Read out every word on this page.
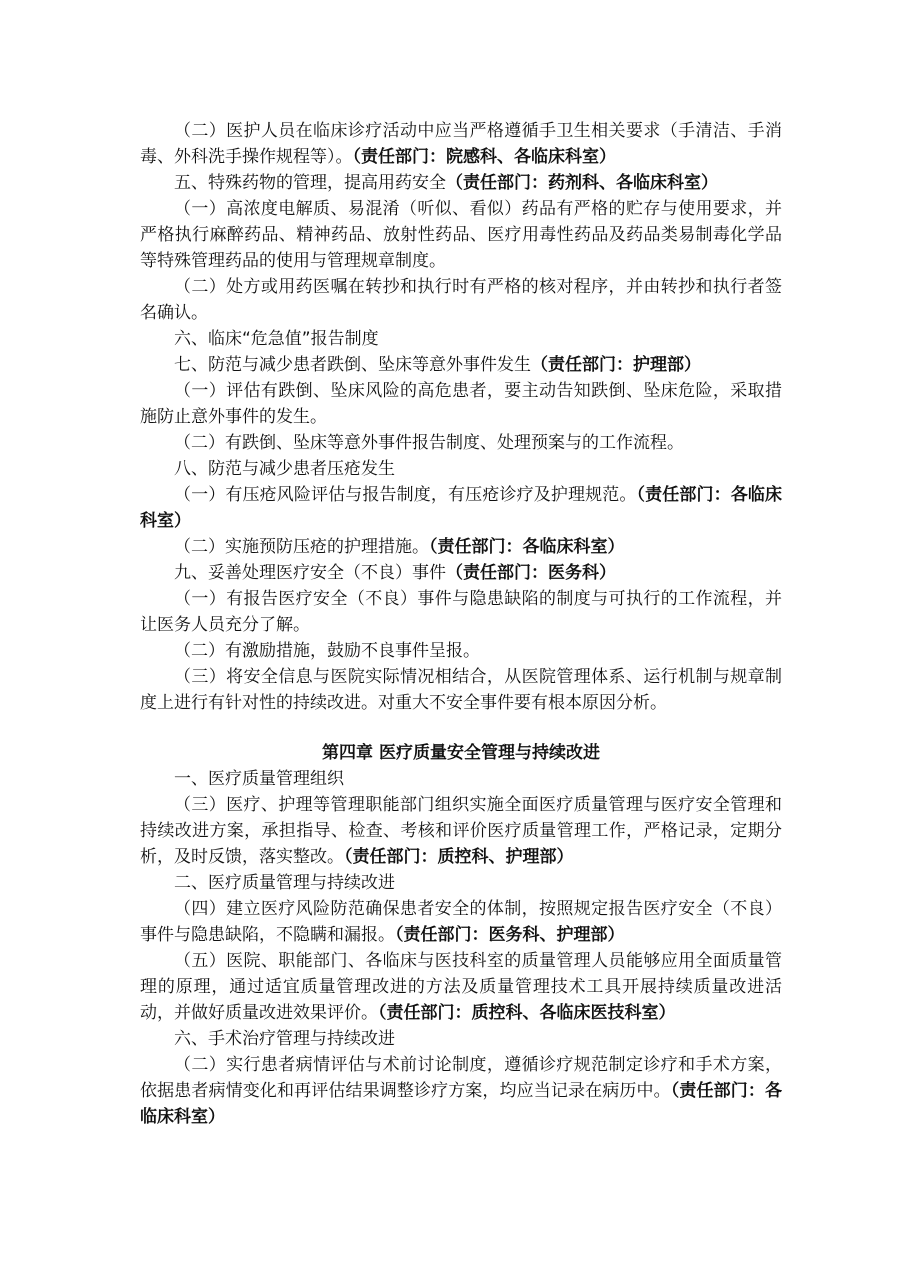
（二）医护人员在临床诊疗活动中应当严格遵循手卫生相关要求（手清洁、手消毒、外科洗手操作规程等）。（责任部门：院感科、各临床科室）

五、特殊药物的管理，提高用药安全（责任部门：药剂科、各临床科室）

（一）高浓度电解质、易混淆（听似、看似）药品有严格的贮存与使用要求，并严格执行麻醉药品、精神药品、放射性药品、医疗用毒性药品及药品类易制毒化学品等特殊管理药品的使用与管理规章制度。

（二）处方或用药医嘱在转抄和执行时有严格的核对程序，并由转抄和执行者签名确认。

六、临床“危急值”报告制度

七、防范与减少患者跌倒、坠床等意外事件发生（责任部门：护理部）

（一）评估有跌倒、坠床风险的高危患者，要主动告知跌倒、坠床危险，采取措施防止意外事件的发生。

（二）有跌倒、坠床等意外事件报告制度、处理预案与的工作流程。

八、防范与减少患者压疮发生

（一）有压疮风险评估与报告制度，有压疮诊疗及护理规范。（责任部门：各临床科室）

（二）实施预防压疮的护理措施。（责任部门：各临床科室）

九、妥善处理医疗安全（不良）事件（责任部门：医务科）

（一）有报告医疗安全（不良）事件与隐患缺陷的制度与可执行的工作流程，并让医务人员充分了解。

（二）有激励措施，鼓励不良事件呈报。

（三）将安全信息与医院实际情况相结合，从医院管理体系、运行机制与规章制度上进行有针对性的持续改进。对重大不安全事件要有根本原因分析。

第四章 医疗质量安全管理与持续改进

一、医疗质量管理组织

（三）医疗、护理等管理职能部门组织实施全面医疗质量管理与医疗安全管理和持续改进方案，承担指导、检查、考核和评价医疗质量管理工作，严格记录，定期分析，及时反馈，落实整改。（责任部门：质控科、护理部）

二、医疗质量管理与持续改进

（四）建立医疗风险防范确保患者安全的体制，按照规定报告医疗安全（不良）事件与隐患缺陷，不隐瞒和漏报。（责任部门：医务科、护理部）

（五）医院、职能部门、各临床与医技科室的质量管理人员能够应用全面质量管理的原理，通过适宜质量管理改进的方法及质量管理技术工具开展持续质量改进活动，并做好质量改进效果评价。（责任部门：质控科、各临床医技科室）

六、手术治疗管理与持续改进

（二）实行患者病情评估与术前讨论制度，遵循诊疗规范制定诊疗和手术方案，依据患者病情变化和再评估结果调整诊疗方案，均应当记录在病历中。（责任部门：各临床科室）
